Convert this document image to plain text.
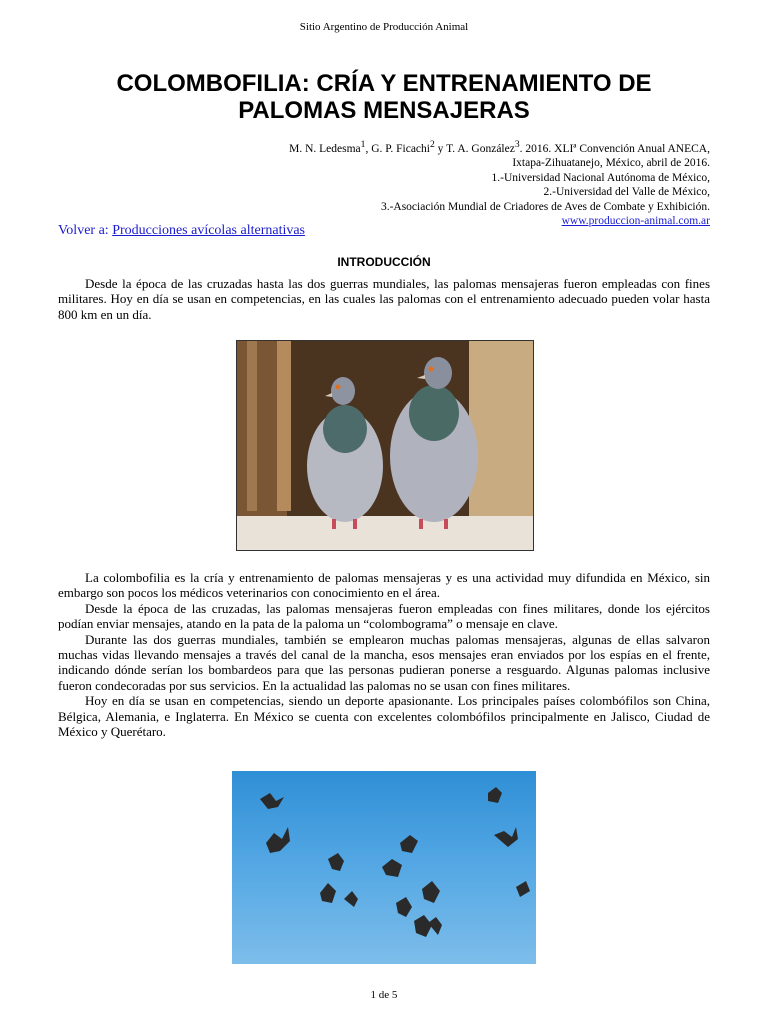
Sitio Argentino de Producción Animal
COLOMBOFILIA: CRÍA Y ENTRENAMIENTO DE
PALOMAS MENSAJERAS
M. N. Ledesma$^1$, G. P. Ficachi$^2$ y T. A. González$^3$. 2016. XLIª Convención Anual ANECA,
Ixtapa-Zihuatanejo, México, abril de 2016.
1.-Universidad Nacional Autónoma de México,
2.-Universidad del Valle de México,
3.-Asociación Mundial de Criadores de Aves de Combate y Exhibición.
www.produccion-animal.com.ar
Volver a: Producciones avícolas alternativas
INTRODUCCIÓN

Desde la época de las cruzadas hasta las dos guerras mundiales, las palomas mensajeras fueron empleadas con fines militares. Hoy en día se usan en competencias, en las cuales las palomas con el entrenamiento adecuado pueden volar hasta 800 km en un día.

La colombofilia es la cría y entrenamiento de palomas mensajeras y es una actividad muy difundida en México, sin embargo son pocos los médicos veterinarios con conocimiento en el área.

Desde la época de las cruzadas, las palomas mensajeras fueron empleadas con fines militares, donde los ejércitos podían enviar mensajes, atando en la pata de la paloma un “colombograma” o mensaje en clave.

Durante las dos guerras mundiales, también se emplearon muchas palomas mensajeras, algunas de ellas salvaron muchas vidas llevando mensajes a través del canal de la mancha, esos mensajes eran enviados por los espías en el frente, indicando dónde serían los bombardeos para que las personas pudieran ponerse a resguardo. Algunas palomas inclusive fueron condecoradas por sus servicios. En la actualidad las palomas no se usan con fines militares.

Hoy en día se usan en competencias, siendo un deporte apasionante. Los principales países colombófilos son China, Bélgica, Alemania, e Inglaterra. En México se cuenta con excelentes colombófilos principalmente en Jalisco, Ciudad de México y Querétaro.

1 de 5
